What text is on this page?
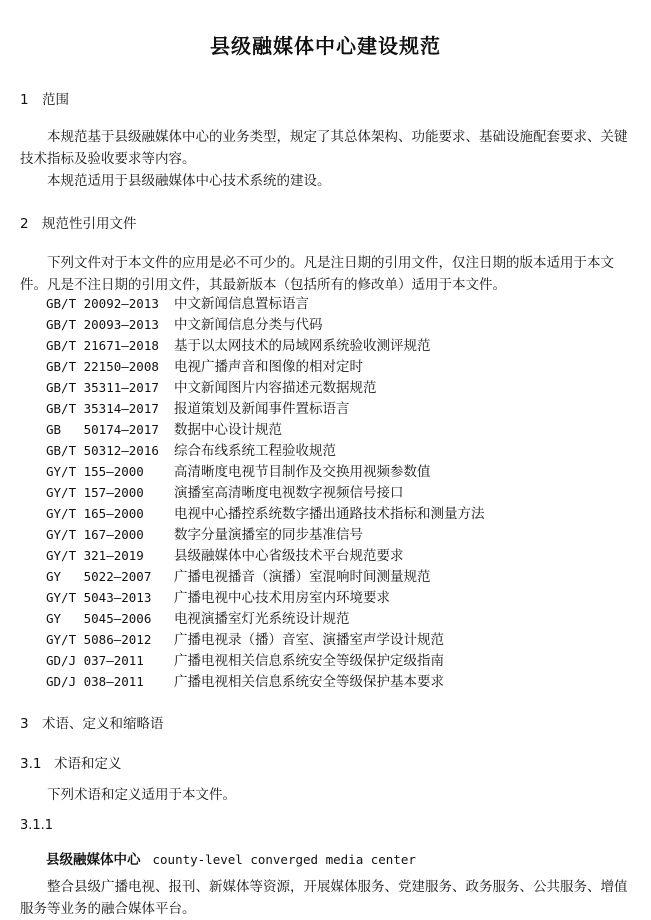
县级融媒体中心建设规范
1 范围
本规范基于县级融媒体中心的业务类型，规定了其总体架构、功能要求、基础设施配套要求、关键技术指标及验收要求等内容。
本规范适用于县级融媒体中心技术系统的建设。
2 规范性引用文件
下列文件对于本文件的应用是必不可少的。凡是注日期的引用文件，仅注日期的版本适用于本文件。凡是不注日期的引用文件，其最新版本（包括所有的修改单）适用于本文件。
GB/T 20092—2013 中文新闻信息置标语言
GB/T 20093—2013 中文新闻信息分类与代码
GB/T 21671—2018 基于以太网技术的局域网系统验收测评规范
GB/T 22150—2008 电视广播声音和图像的相对定时
GB/T 35311—2017 中文新闻图片内容描述元数据规范
GB/T 35314—2017 报道策划及新闻事件置标语言
GB   50174—2017 数据中心设计规范
GB/T 50312—2016 综合布线系统工程验收规范
GY/T 155—2000 高清晰度电视节目制作及交换用视频参数值
GY/T 157—2000 演播室高清晰度电视数字视频信号接口
GY/T 165—2000 电视中心播控系统数字播出通路技术指标和测量方法
GY/T 167—2000 数字分量演播室的同步基准信号
GY/T 321—2019 县级融媒体中心省级技术平台规范要求
GY   5022—2007 广播电视播音（演播）室混响时间测量规范
GY/T 5043—2013 广播电视中心技术用房室内环境要求
GY   5045—2006 电视演播室灯光系统设计规范
GY/T 5086—2012 广播电视录（播）音室、演播室声学设计规范
GD/J 037—2011 广播电视相关信息系统安全等级保护定级指南
GD/J 038—2011 广播电视相关信息系统安全等级保护基本要求
3 术语、定义和缩略语
3.1 术语和定义
下列术语和定义适用于本文件。
3.1.1
县级融媒体中心 county-level converged media center
整合县级广播电视、报刊、新媒体等资源，开展媒体服务、党建服务、政务服务、公共服务、增值服务等业务的融合媒体平台。
